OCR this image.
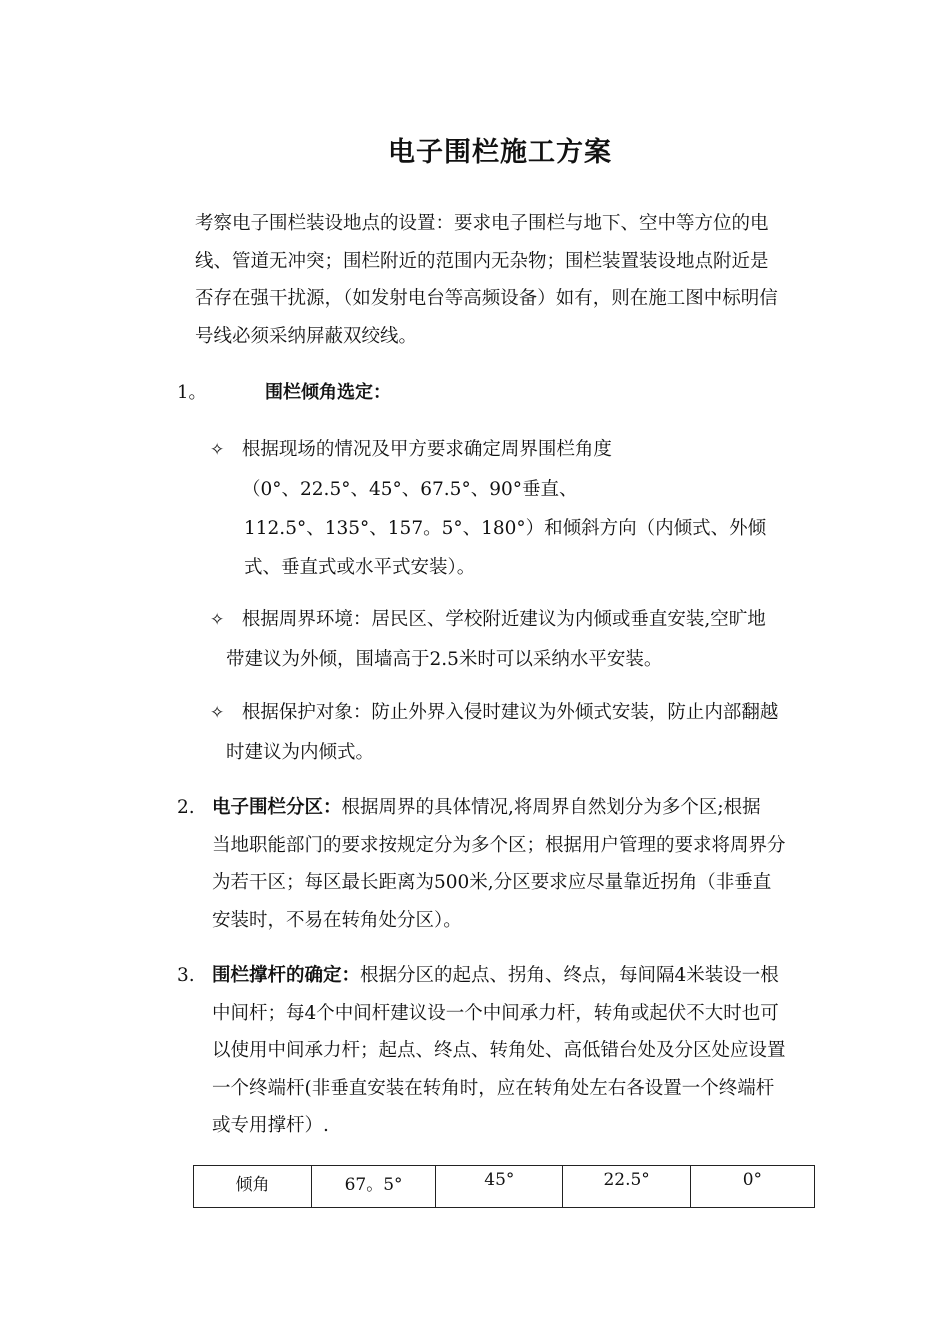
电子围栏施工方案
考察电子围栏装设地点的设置：要求电子围栏与地下、空中等方位的电
线、管道无冲突；围栏附近的范围内无杂物；围栏装置装设地点附近是
否存在强干扰源，（如发射电台等高频设备）如有，则在施工图中标明信
号线必须采纳屏蔽双绞线。
1。	围栏倾角选定：
✧ 根据现场的情况及甲方要求确定周界围栏角度
（0°、22.5°、45°、67.5°、90°垂直、
112.5°、135°、157。5°、180°）和倾斜方向（内倾式、外倾
式、垂直式或水平式安装）。
✧ 根据周界环境：居民区、学校附近建议为内倾或垂直安装,空旷地
带建议为外倾，围墙高于2.5米时可以采纳水平安装。
✧ 根据保护对象：防止外界入侵时建议为外倾式安装，防止内部翻越
时建议为内倾式。
2. 电子围栏分区：根据周界的具体情况,将周界自然划分为多个区;根据
当地职能部门的要求按规定分为多个区；根据用户管理的要求将周界分
为若干区；每区最长距离为500米,分区要求应尽量靠近拐角（非垂直
安装时，不易在转角处分区）。
3. 围栏撑杆的确定：根据分区的起点、拐角、终点，每间隔4米装设一根
中间杆；每4个中间杆建议设一个中间承力杆，转角或起伏不大时也可
以使用中间承力杆；起点、终点、转角处、高低错台处及分区处应设置
一个终端杆(非垂直安装在转角时，应在转角处左右各设置一个终端杆
或专用撑杆）.
倾角	67。5°	45°	22.5°	0°
